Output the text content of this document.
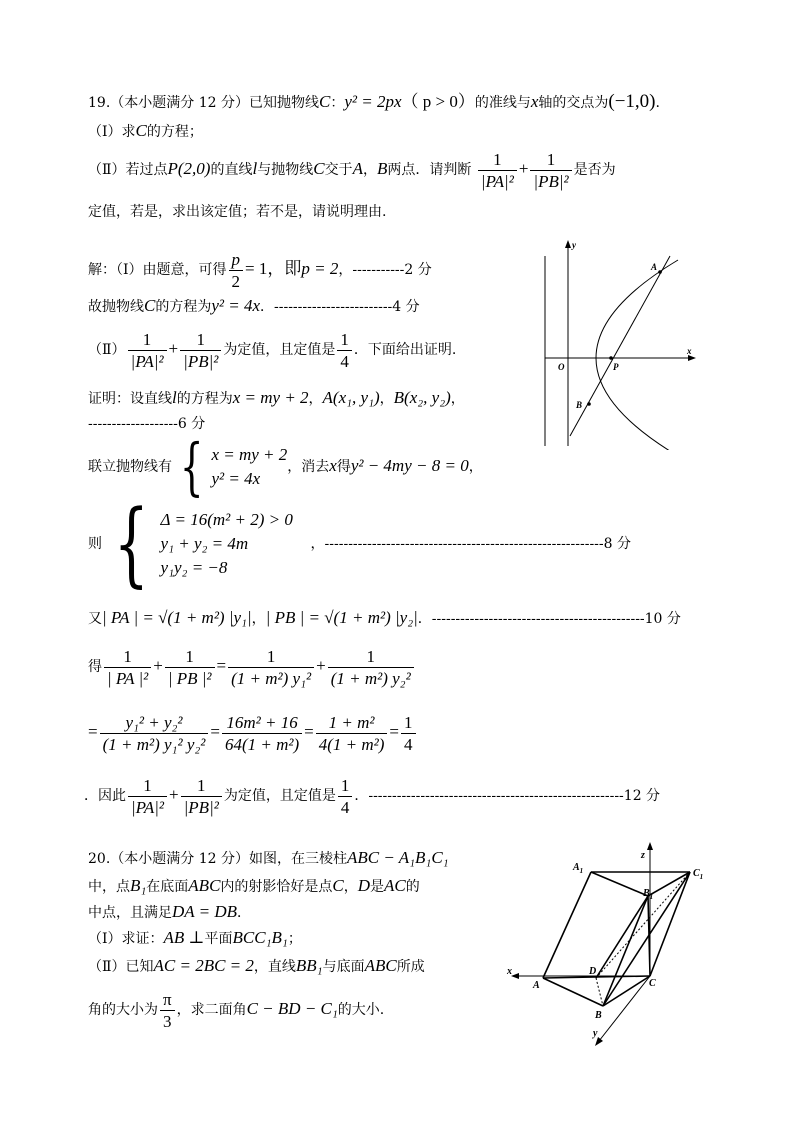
19.（本小题满分 12 分）已知抛物线C：y² = 2px（ p > 0）的准线与x轴的交点为(−1,0).
（Ⅰ）求C的方程；
（Ⅱ）若过点P(2,0)的直线l与抛物线C交于A，B两点．请判断 $\frac{1}{\text{|PA|²}} + \frac{1}{\text{|PB|²}}$ 是否为
定值，若是，求出该定值；若不是，请说明理由.
解：（Ⅰ）由题意，可得 $\frac{p}{2} = 1$，即p = 2，-----------2 分
故抛物线C的方程为y² = 4x．-------------------------4 分
（Ⅱ） $\frac{1}{\text{|PA|²}} + \frac{1}{\text{|PB|²}}$ 为定值，且定值是 $\frac{1}{4}$ ．下面给出证明.
证明：设直线l的方程为x = my + 2，A(x₁, y₁)，B(x₂, y₂)，
-------------------6 分
联立抛物线有 { x = my + 2
y² = 4x
，消去x得y² − 4my − 8 = 0，
则 { Δ = 16(m² + 2) > 0
y₁ + y₂ = 4m
y₁y₂ = −8
，-----------------------------------------------------------8 分
又| PA | = √(1 + m²) |y₁|，| PB | = √(1 + m²) |y₂|．---------------------------------------------10 分
得 $\frac{1}{\text{| PA |²}} + \frac{1}{\text{| PB |²}} = \frac{1}{\text{(1 + m²) y₁²}} + \frac{1}{\text{(1 + m²) y₂²}}$
= $\frac{\text{y₁² + y₂²}}{\text{(1 + m²) y₁² y₂²}} = \frac{\text{16m² + 16}}{\text{64(1 + m²)}} = \frac{\text{1 + m²}}{\text{4(1 + m²)}} = \frac{1}{4}$
．因此 $\frac{1}{\text{|PA|²}} + \frac{1}{\text{|PB|²}}$ 为定值，且定值是 $\frac{1}{4}$ ．------------------------------------------------------12 分
20.（本小题满分 12 分）如图，在三棱柱ABC − A₁B₁C₁
中，点B₁在底面ABC内的射影恰好是点C，D是AC的
中点，且满足DA = DB．
（Ⅰ）求证：AB ⊥平面BCC₁B₁；
（Ⅱ）已知AC = 2BC = 2，直线BB₁与底面ABC所成
角的大小为 $\frac{\pi}{3}$ ，求二面角C − BD − C₁的大小.
y
x
A
O	P
B
$A_1$	$C_1$
$B_1$
z
x	D
A	C
B
y
